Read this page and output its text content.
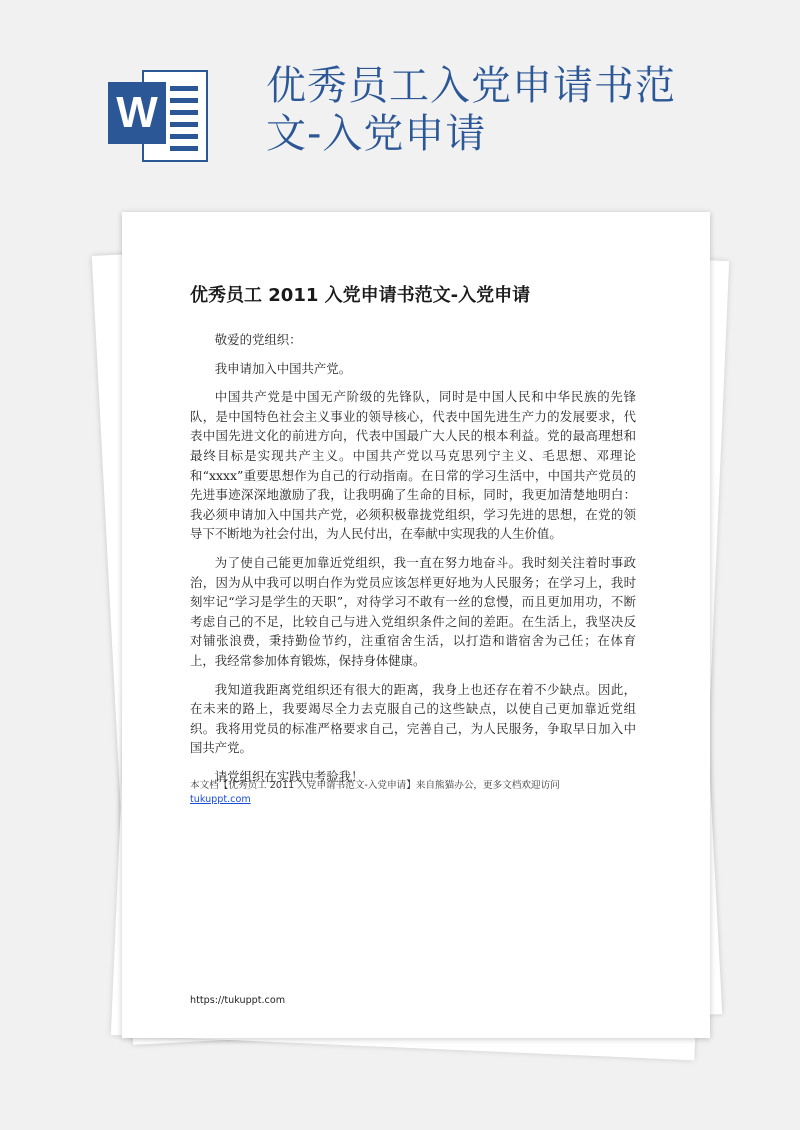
W
优秀员工入党申请书范文-入党申请
优秀员工 2011 入党申请书范文-入党申请

敬爱的党组织：

我申请加入中国共产党。

中国共产党是中国无产阶级的先锋队，同时是中国人民和中华民族的先锋队，是中国特色社会主义事业的领导核心，代表中国先进生产力的发展要求，代表中国先进文化的前进方向，代表中国最广大人民的根本利益。党的最高理想和最终目标是实现共产主义。中国共产党以马克思列宁主义、毛思想、邓理论和“xxxx”重要思想作为自己的行动指南。在日常的学习生活中，中国共产党员的先进事迹深深地激励了我，让我明确了生命的目标，同时，我更加清楚地明白：我必须申请加入中国共产党，必须积极靠拢党组织，学习先进的思想，在党的领导下不断地为社会付出，为人民付出，在奉献中实现我的人生价值。

为了使自己能更加靠近党组织，我一直在努力地奋斗。我时刻关注着时事政治，因为从中我可以明白作为党员应该怎样更好地为人民服务；在学习上，我时刻牢记“学习是学生的天职”，对待学习不敢有一丝的怠慢，而且更加用功，不断考虑自己的不足，比较自己与进入党组织条件之间的差距。在生活上，我坚决反对铺张浪费，秉持勤俭节约，注重宿舍生活，以打造和谐宿舍为己任；在体育上，我经常参加体育锻炼，保持身体健康。

我知道我距离党组织还有很大的距离，我身上也还存在着不少缺点。因此，在未来的路上，我要竭尽全力去克服自己的这些缺点，以使自己更加靠近党组织。我将用党员的标准严格要求自己，完善自己，为人民服务，争取早日加入中国共产党。

请党组织在实践中考验我！

本文档【优秀员工 2011 入党申请书范文-入党申请】来自熊猫办公，更多文档欢迎访问
tukuppt.com
https://tukuppt.com
